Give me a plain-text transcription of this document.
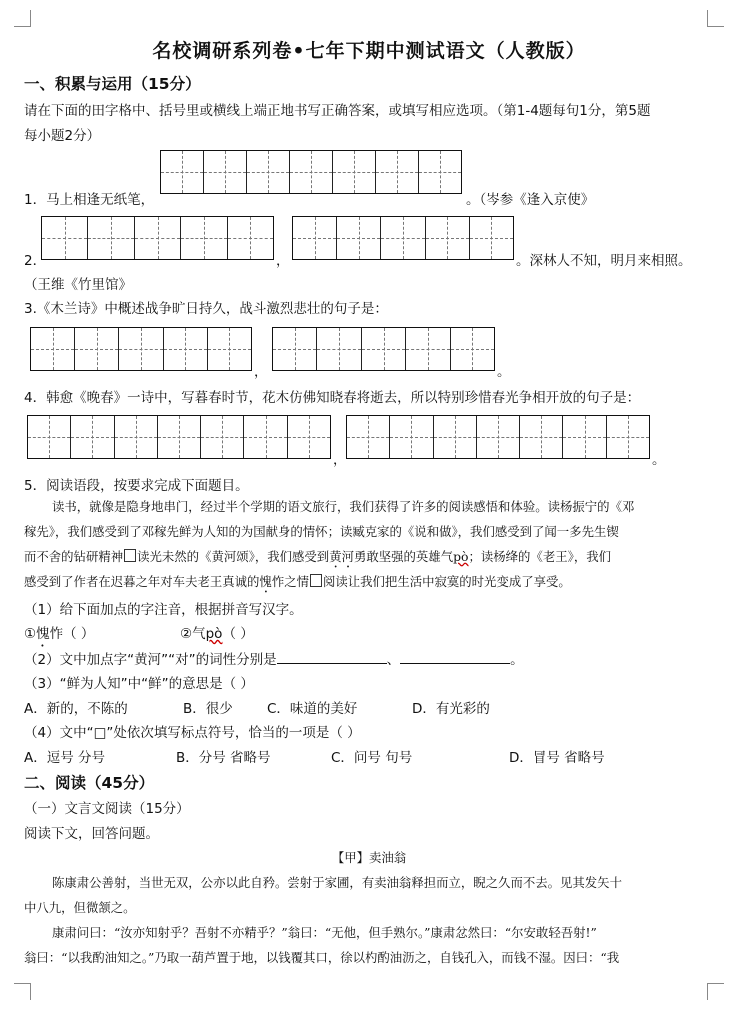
名校调研系列卷•七年下期中测试语文（人教版）
一、积累与运用（15分）
请在下面的田字格中、括号里或横线上端正地书写正确答案，或填写相应选项。（第1-4题每句1分，第5题
每小题2分）
1．马上相逢无纸笔，	。（岑参《逢入京使》
2．	，	。深林人不知，明月来相照。
（王维《竹里馆》
3.《木兰诗》中概述战争旷日持久，战斗激烈悲壮的句子是：
，	。
4．韩愈《晚春》一诗中，写暮春时节，花木仿佛知晓春将逝去，所以特别珍惜春光争相开放的句子是：
，	。
5．阅读语段，按要求完成下面题目。
读书，就像是隐身地串门，经过半个学期的语文旅行，我们获得了许多的阅读感悟和体验。读杨振宁的《邓
稼先》，我们感受到了邓稼先鲜为人知的为国献身的情怀；读臧克家的《说和做》，我们感受到了闻一多先生锲
而不舍的钻研精神 读光未然的《黄河颂》，我们感受到黄河勇敢坚强的英雄气pò；读杨绛的《老王》，我们
感受到了作者在迟暮之年对车夫老王真诚的愧怍之情 阅读让我们把生活中寂寞的时光变成了享受。
（1）给下面加点的字注音，根据拼音写汉字。
①愧怍（ ）	②气pò（ ）
（2）文中加点字“黄河”“对”的词性分别是	、	。
（3）“鲜为人知”中“鲜”的意思是（ ）
A．新的，不陈的	B．很少	C．味道的美好	D．有光彩的
（4）文中“□”处依次填写标点符号，恰当的一项是（ ）
A．逗号 分号	B．分号 省略号	C．问号 句号	D．冒号 省略号
二、阅读（45分）
（一）文言文阅读（15分）
阅读下文，回答问题。
【甲】卖油翁
陈康肃公善射，当世无双，公亦以此自矜。尝射于家圃，有卖油翁释担而立，睨之久而不去。见其发矢十
中八九，但微颔之。
康肃问曰：“汝亦知射乎？吾射不亦精乎？”翁曰：“无他，但手熟尔。”康肃忿然曰：“尔安敢轻吾射!”
翁曰：“以我酌油知之。”乃取一葫芦置于地，以钱覆其口，徐以杓酌油沥之，自钱孔入，而钱不湿。因曰：“我
